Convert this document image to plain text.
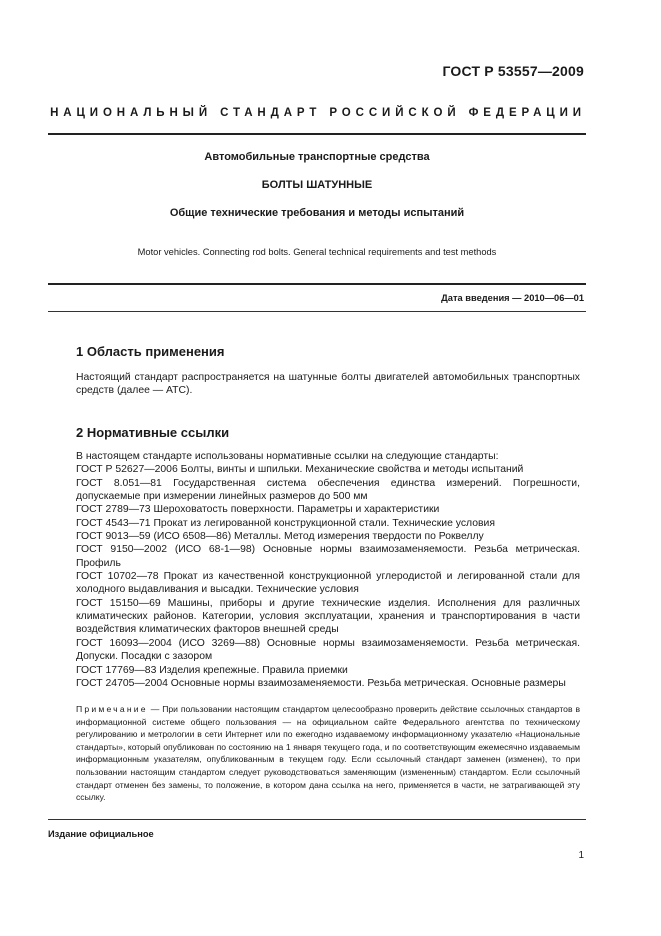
ГОСТ Р 53557—2009
НАЦИОНАЛЬНЫЙ СТАНДАРТ РОССИЙСКОЙ ФЕДЕРАЦИИ
Автомобильные транспортные средства
БОЛТЫ ШАТУННЫЕ
Общие технические требования и методы испытаний
Motor vehicles. Connecting rod bolts. General technical requirements and test methods
Дата введения — 2010—06—01
1 Область применения
Настоящий стандарт распространяется на шатунные болты двигателей автомобильных транспортных средств (далее — АТС).
2 Нормативные ссылки
В настоящем стандарте использованы нормативные ссылки на следующие стандарты:
ГОСТ Р 52627—2006 Болты, винты и шпильки. Механические свойства и методы испытаний
ГОСТ 8.051—81 Государственная система обеспечения единства измерений. Погрешности, допускаемые при измерении линейных размеров до 500 мм
ГОСТ 2789—73 Шероховатость поверхности. Параметры и характеристики
ГОСТ 4543—71 Прокат из легированной конструкционной стали. Технические условия
ГОСТ 9013—59 (ИСО 6508—86) Металлы. Метод измерения твердости по Роквеллу
ГОСТ 9150—2002 (ИСО 68-1—98) Основные нормы взаимозаменяемости. Резьба метрическая. Профиль
ГОСТ 10702—78 Прокат из качественной конструкционной углеродистой и легированной стали для холодного выдавливания и высадки. Технические условия
ГОСТ 15150—69 Машины, приборы и другие технические изделия. Исполнения для различных климатических районов. Категории, условия эксплуатации, хранения и транспортирования в части воздействия климатических факторов внешней среды
ГОСТ 16093—2004 (ИСО 3269—88) Основные нормы взаимозаменяемости. Резьба метрическая. Допуски. Посадки с зазором
ГОСТ 17769—83 Изделия крепежные. Правила приемки
ГОСТ 24705—2004 Основные нормы взаимозаменяемости. Резьба метрическая. Основные размеры
Примечание — При пользовании настоящим стандартом целесообразно проверить действие ссылочных стандартов в информационной системе общего пользования — на официальном сайте Федерального агентства по техническому регулированию и метрологии в сети Интернет или по ежегодно издаваемому информационному указателю «Национальные стандарты», который опубликован по состоянию на 1 января текущего года, и по соответствующим ежемесячно издаваемым информационным указателям, опубликованным в текущем году. Если ссылочный стандарт заменен (изменен), то при пользовании настоящим стандартом следует руководствоваться заменяющим (измененным) стандартом. Если ссылочный стандарт отменен без замены, то положение, в котором дана ссылка на него, применяется в части, не затрагивающей эту ссылку.
Издание официальное
1
